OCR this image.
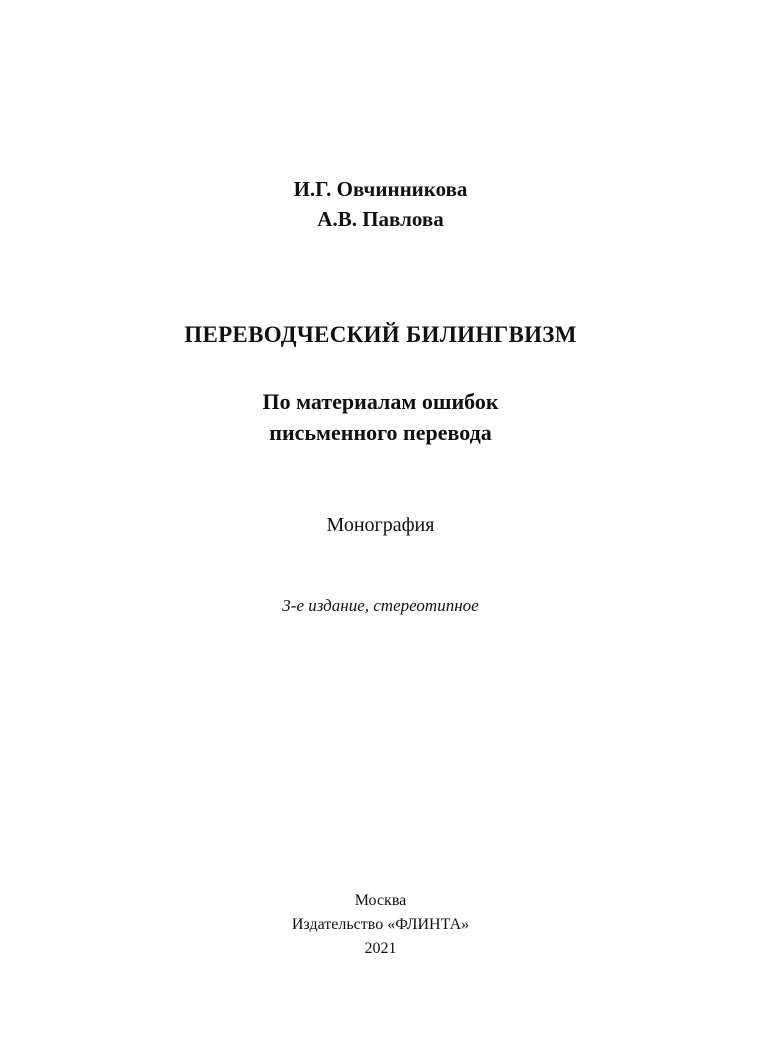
И.Г. Овчинникова
А.В. Павлова
ПЕРЕВОДЧЕСКИЙ БИЛИНГВИЗМ
По материалам ошибок
письменного перевода
Монография
3-е издание, стереотипное
Москва
Издательство «ФЛИНТА»
2021
